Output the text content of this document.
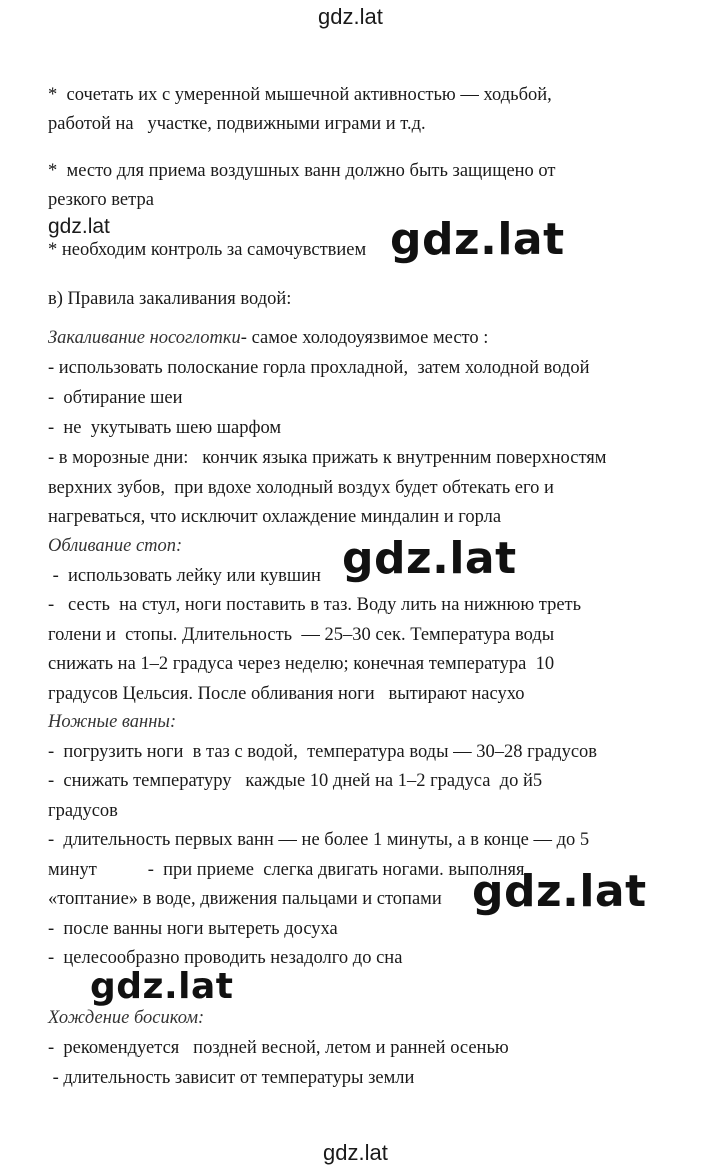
gdz.lat
*  сочетать их с умеренной мышечной активностью — ходьбой,
работой на   участке, подвижными играми и т.д.
*  место для приема воздушных ванн должно быть защищено от
резкого ветра
gdz.lat
* необходим контроль за самочувствием gdz.lat
в) Правила закаливания водой:
Закаливание носоглотки- самое холодоуязвимое место :
- использовать полоскание горла прохладной,  затем холодной водой
-  обтирание шеи
-  не  укутывать шею шарфом
- в морозные дни:   кончик языка прижать к внутренним поверхностям
верхних зубов,  при вдохе холодный воздух будет обтекать его и
нагреваться, что исключит охлаждение миндалин и горла
Обливание стоп:
-  использовать лейку или кувшин gdz.lat
-   сесть  на стул, ноги поставить в таз. Воду лить на нижнюю треть
голени и  стопы. Длительность  — 25–30 сек. Температура воды
снижать на 1–2 градуса через неделю; конечная температура  10
градусов Цельсия. После обливания ноги   вытирают насухо
Ножные ванны:
-  погрузить ноги  в таз с водой,  температура воды — 30–28 градусов
-  снижать температуру   каждые 10 дней на 1–2 градуса  до й5
градусов
-  длительность первых ванн — не более 1 минуты, а в конце — до 5
минут           -  при приеме  слегка двигать ногами. выполняя
«топтание» в воде, движения пальцами и стопами gdz.lat
-  после ванны ноги вытереть досуха
-  целесообразно проводить незадолго до сна
gdz.lat
Хождение босиком:
-  рекомендуется   поздней весной, летом и ранней осенью
- длительность зависит от температуры земли
gdz.lat
